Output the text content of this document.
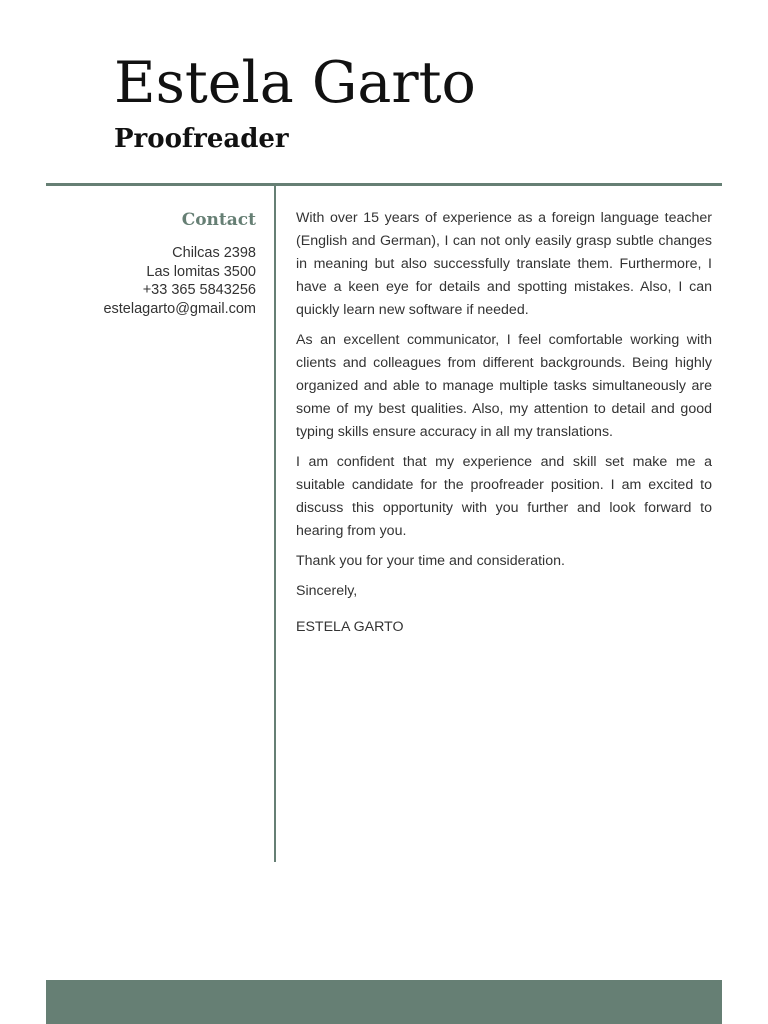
Estela Garto
Proofreader
Contact
Chilcas 2398
Las lomitas 3500
+33 365 5843256
estelagarto@gmail.com

With over 15 years of experience as a foreign language teacher (English and German), I can not only easily grasp subtle changes in meaning but also successfully translate them. Furthermore, I have a keen eye for details and spotting mistakes. Also, I can quickly learn new software if needed.

As an excellent communicator, I feel comfortable working with clients and colleagues from different backgrounds. Being highly organized and able to manage multiple tasks simultaneously are some of my best qualities. Also, my attention to detail and good typing skills ensure accuracy in all my translations.

I am confident that my experience and skill set make me a suitable candidate for the proofreader position. I am excited to discuss this opportunity with you further and look forward to hearing from you.

Thank you for your time and consideration.

Sincerely,

ESTELA GARTO
